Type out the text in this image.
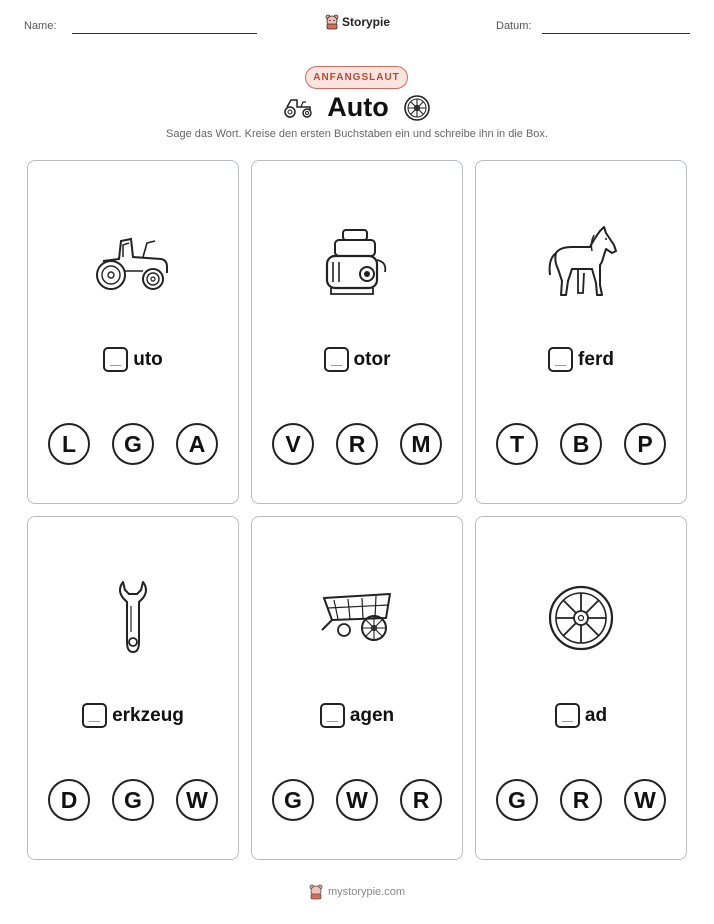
Name:	Storypie	Datum:
ANFANGSLAUT
Auto
Sage das Wort. Kreise den ersten Buchstaben ein und schreibe ihn in die Box.
uto
L	G	A
otor
V	R	M
ferd
T	B	P
erkzeug
D	G	W
agen
G	W	R
ad
G	R	W
mystorypie.com
